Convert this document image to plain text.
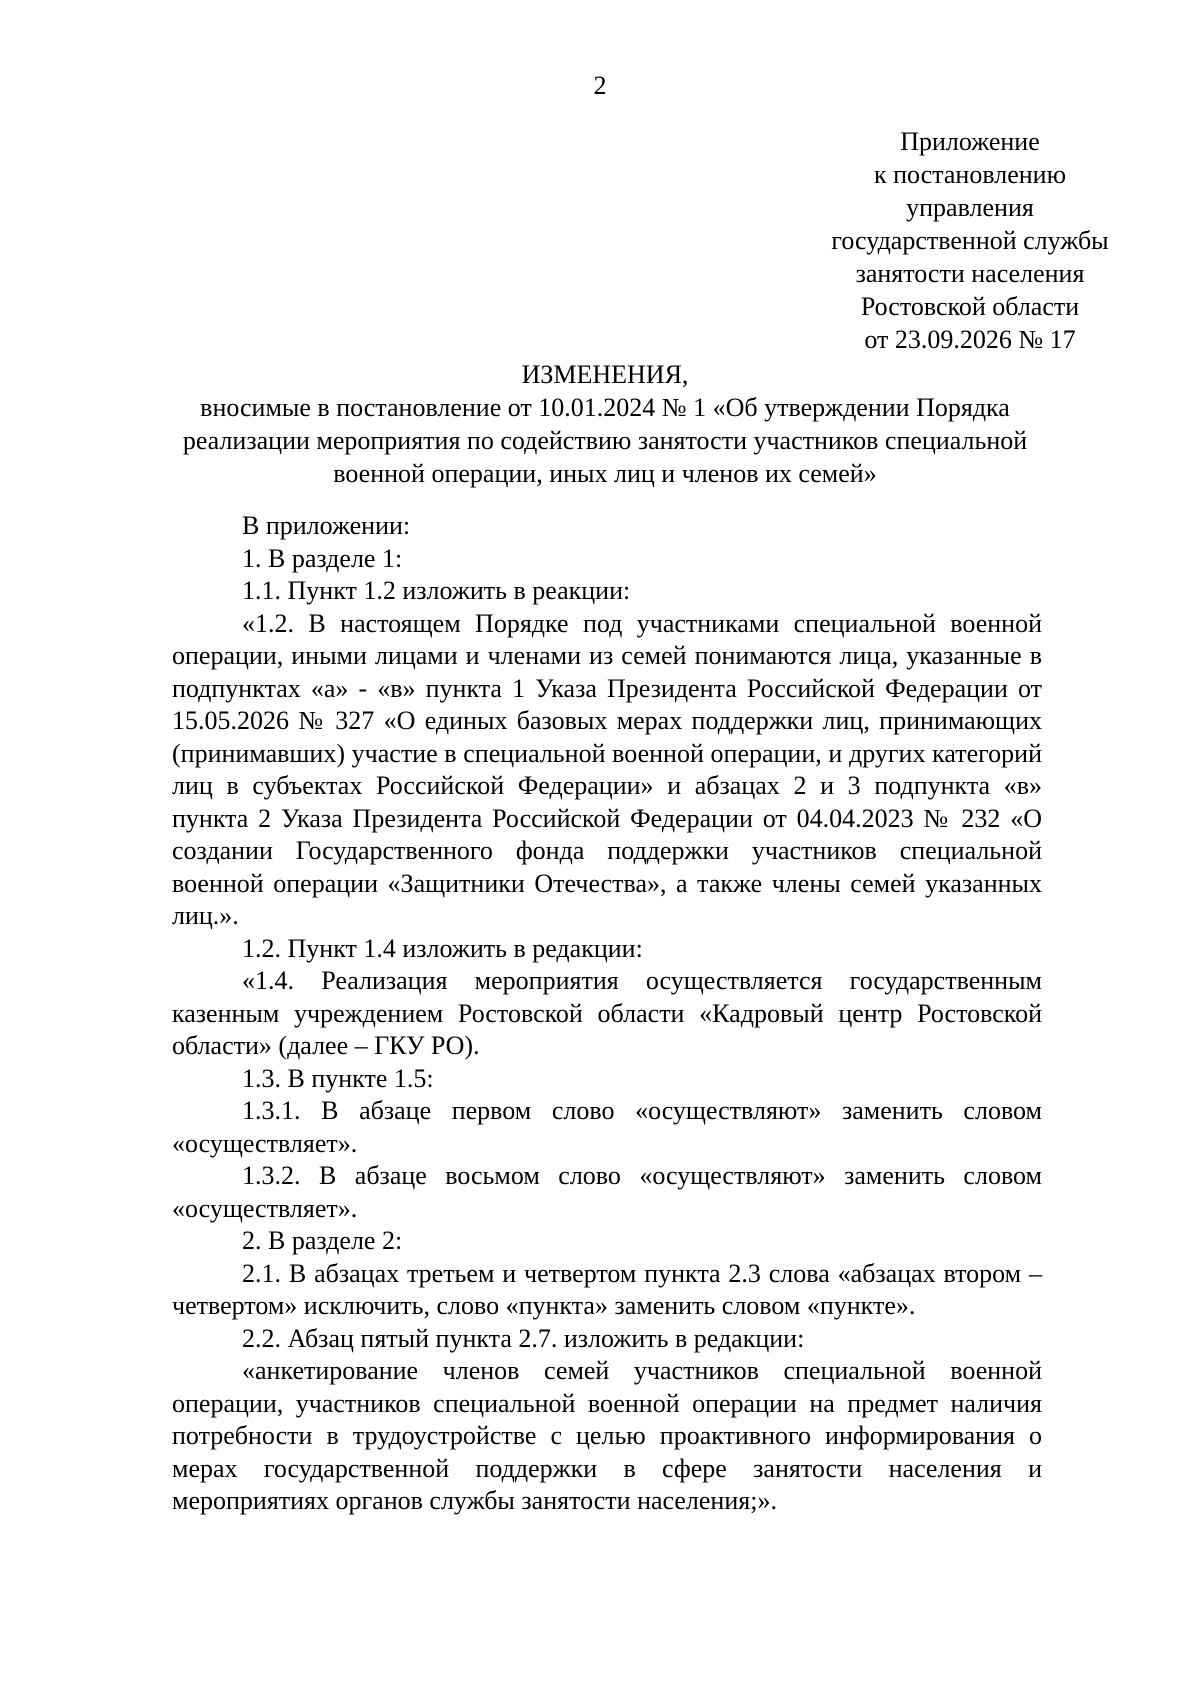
2
Приложение
к постановлению
управления
государственной службы
занятости населения
Ростовской области
от 23.09.2026 № 17
ИЗМЕНЕНИЯ,
вносимые в постановление от 10.01.2024 № 1 «Об утверждении Порядка реализации мероприятия по содействию занятости участников специальной военной операции, иных лиц и членов их семей»

В приложении:

1. В разделе 1:

1.1. Пункт 1.2 изложить в реакции:

«1.2. В настоящем Порядке под участниками специальной военной операции, иными лицами и членами из семей понимаются лица, указанные в подпунктах «а» - «в» пункта 1 Указа Президента Российской Федерации от 15.05.2026 № 327 «О единых базовых мерах поддержки лиц, принимающих (принимавших) участие в специальной военной операции, и других категорий лиц в субъектах Российской Федерации» и абзацах 2 и 3 подпункта «в» пункта 2 Указа Президента Российской Федерации от 04.04.2023 № 232 «О создании Государственного фонда поддержки участников специальной военной операции «Защитники Отечества», а также члены семей указанных лиц.».

1.2. Пункт 1.4 изложить в редакции:

«1.4. Реализация мероприятия осуществляется государственным казенным учреждением Ростовской области «Кадровый центр Ростовской области» (далее – ГКУ РО).

1.3. В пункте 1.5:

1.3.1. В абзаце первом слово «осуществляют» заменить словом «осуществляет».

1.3.2. В абзаце восьмом слово «осуществляют» заменить словом «осуществляет».

2. В разделе 2:

2.1. В абзацах третьем и четвертом пункта 2.3 слова «абзацах втором – четвертом» исключить, слово «пункта» заменить словом «пункте».

2.2. Абзац пятый пункта 2.7. изложить в редакции:

«анкетирование членов семей участников специальной военной операции, участников специальной военной операции на предмет наличия потребности в трудоустройстве с целью проактивного информирования о мерах государственной поддержки в сфере занятости населения и мероприятиях органов службы занятости населения;».
